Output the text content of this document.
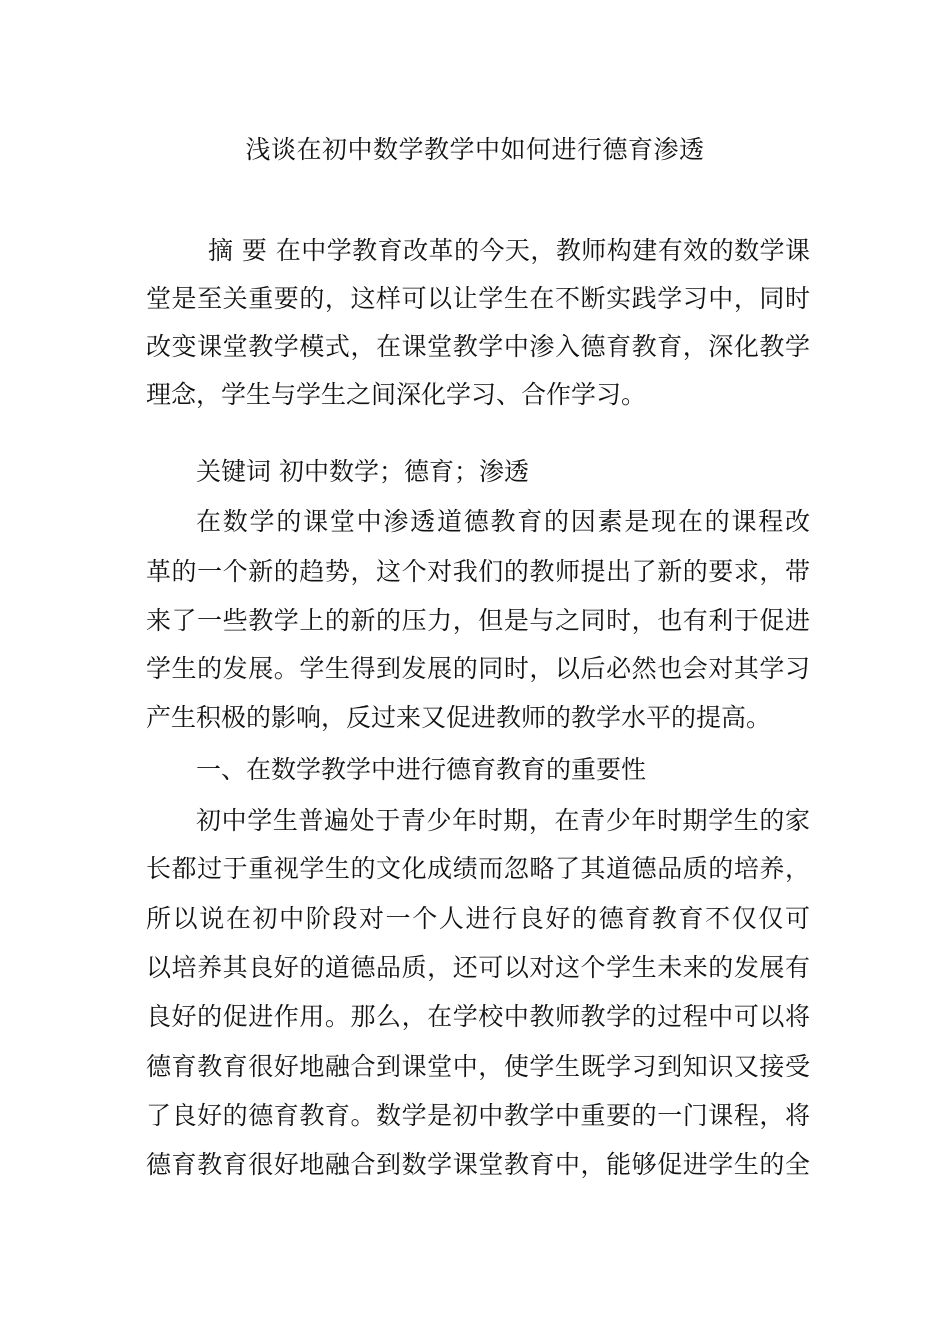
浅谈在初中数学教学中如何进行德育渗透
摘 要 在中学教育改革的今天，教师构建有效的数学课
堂是至关重要的，这样可以让学生在不断实践学习中，同时
改变课堂教学模式，在课堂教学中渗入德育教育，深化教学
理念，学生与学生之间深化学习、合作学习。
关键词 初中数学；德育；渗透
在数学的课堂中渗透道德教育的因素是现在的课程改
革的一个新的趋势，这个对我们的教师提出了新的要求，带
来了一些教学上的新的压力，但是与之同时，也有利于促进
学生的发展。学生得到发展的同时，以后必然也会对其学习
产生积极的影响，反过来又促进教师的教学水平的提高。
一、在数学教学中进行德育教育的重要性
初中学生普遍处于青少年时期，在青少年时期学生的家
长都过于重视学生的文化成绩而忽略了其道德品质的培养，
所以说在初中阶段对一个人进行良好的德育教育不仅仅可
以培养其良好的道德品质，还可以对这个学生未来的发展有
良好的促进作用。那么，在学校中教师教学的过程中可以将
德育教育很好地融合到课堂中，使学生既学习到知识又接受
了良好的德育教育。数学是初中教学中重要的一门课程，将
德育教育很好地融合到数学课堂教育中，能够促进学生的全
